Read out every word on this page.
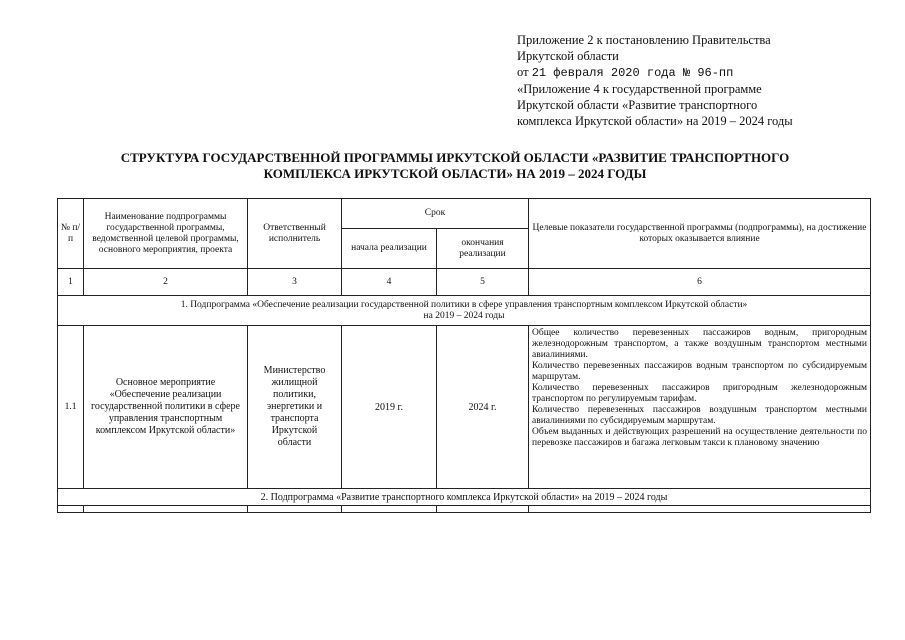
Приложение 2 к постановлению Правительства
Иркутской области
от 21 февраля 2020 года № 96-пп
«Приложение 4 к государственной программе
Иркутской области «Развитие транспортного
комплекса Иркутской области» на 2019 – 2024 годы
СТРУКТУРА ГОСУДАРСТВЕННОЙ ПРОГРАММЫ ИРКУТСКОЙ ОБЛАСТИ «РАЗВИТИЕ ТРАНСПОРТНОГО
КОМПЛЕКСА ИРКУТСКОЙ ОБЛАСТИ» НА 2019 – 2024 ГОДЫ
№ п/п	Наименование подпрограммы государственной программы, ведомственной целевой программы, основного мероприятия, проекта	Ответственный исполнитель	Срок		Целевые показатели государственной программы (подпрограммы), на достижение которых оказывается влияние
			начала реализации	окончания реализации	
1	2	3	4	5	6

1. Подпрограмма «Обеспечение реализации государственной политики в сфере управления транспортным комплексом Иркутской области»
на 2019 – 2024 годы					

1.1	Основное мероприятие «Обеспечение реализации государственной политики в сфере управления транспортным комплексом Иркутской области»	Министерство жилищной политики, энергетики и транспорта Иркутской области	2019 г.	2024 г.	Общее количество перевезенных пассажиров водным, пригородным железнодорожным транспортом, а также воздушным транспортом местными авиалиниями.

Количество перевезенных пассажиров водным транспортом по субсидируемым маршрутам.

Количество перевезенных пассажиров пригородным железнодорожным транспортом по регулируемым тарифам.

Количество перевезенных пассажиров воздушным транспортом местными авиалиниями по субсидируемым маршрутам.

Объем выданных и действующих разрешений на осуществление деятельности по перевозке пассажиров и багажа легковым такси к плановому значению

2. Подпрограмма «Развитие транспортного комплекса Иркутской области» на 2019 – 2024 годы					
